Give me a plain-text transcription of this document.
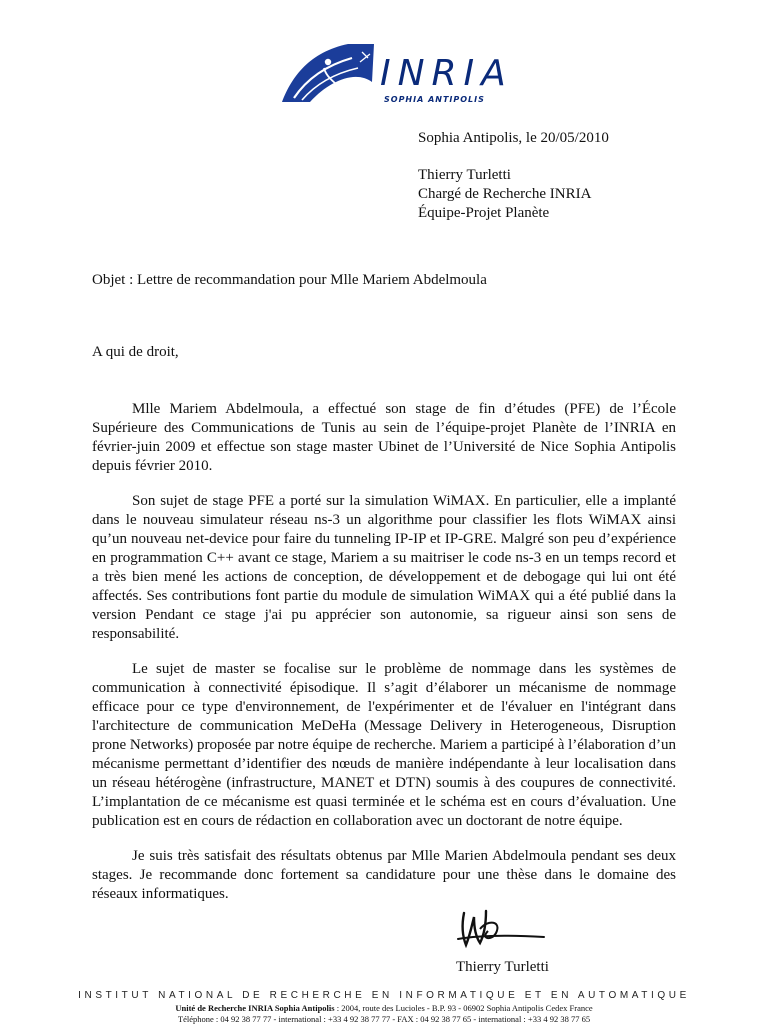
INRIA
SOPHIA ANTIPOLIS
Sophia Antipolis, le 20/05/2010
Thierry Turletti
Chargé de Recherche INRIA
Équipe-Projet Planète
Objet : Lettre de recommandation pour Mlle Mariem Abdelmoula
A qui de droit,

Mlle Mariem Abdelmoula, a effectué son stage de fin d’études (PFE) de l’École Supérieure des Communications de Tunis au sein de l’équipe-projet Planète de l’INRIA en février-juin 2009 et effectue son stage master Ubinet de l’Université de Nice Sophia Antipolis depuis février 2010.

Son sujet de stage PFE a porté sur la simulation WiMAX. En particulier, elle a implanté dans le nouveau simulateur réseau ns-3 un algorithme pour classifier les flots WiMAX ainsi qu’un nouveau net-device pour faire du tunneling IP-IP et IP-GRE. Malgré son peu d’expérience en programmation C++ avant ce stage, Mariem a su maitriser le code ns-3 en un temps record et a très bien mené les actions de conception, de développement et de debogage qui lui ont été affectés. Ses contributions font partie du module de simulation WiMAX qui a été publié dans la version Pendant ce stage j'ai pu apprécier son autonomie, sa rigueur ainsi son sens de responsabilité.

Le sujet de master se focalise sur le problème de nommage dans les systèmes de communication à connectivité épisodique. Il s’agit d’élaborer un mécanisme de nommage efficace pour ce type d'environnement, de l'expérimenter et de l'évaluer en l'intégrant dans l'architecture de communication MeDeHa (Message Delivery in Heterogeneous, Disruption prone Networks) proposée par notre équipe de recherche. Mariem a participé à l’élaboration d’un mécanisme permettant d’identifier des nœuds de manière indépendante à leur localisation dans un réseau hétérogène (infrastructure, MANET et DTN) soumis à des coupures de connectivité. L’implantation de ce mécanisme est quasi terminée et le schéma est en cours d’évaluation. Une publication est en cours de rédaction en collaboration avec un doctorant de notre équipe.

Je suis très satisfait des résultats obtenus par Mlle Marien Abdelmoula pendant ses deux stages. Je recommande donc fortement sa candidature pour une thèse dans le domaine des réseaux informatiques.

Thierry Turletti
INSTITUT NATIONAL DE RECHERCHE EN INFORMATIQUE ET EN AUTOMATIQUE
Unité de Recherche INRIA Sophia Antipolis : 2004, route des Lucioles - B.P. 93 - 06902 Sophia Antipolis Cedex France
Téléphone : 04 92 38 77 77 - international : +33 4 92 38 77 77 - FAX : 04 92 38 77 65 - international : +33 4 92 38 77 65
